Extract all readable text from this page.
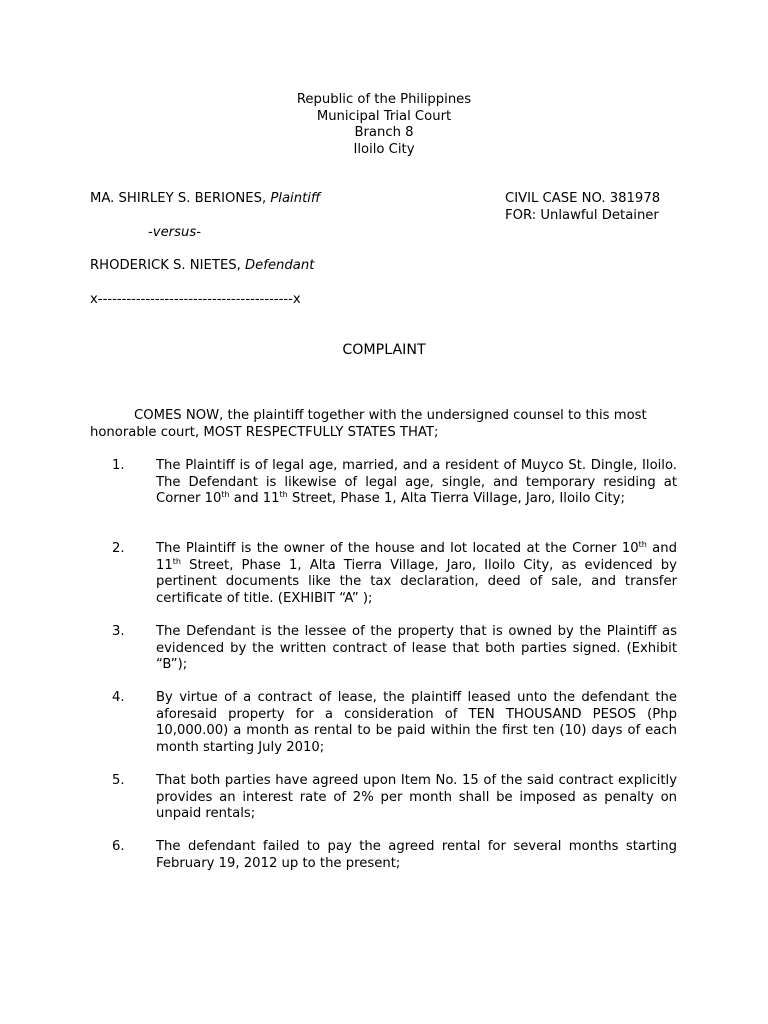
Republic of the Philippines
Municipal Trial Court
Branch 8
Iloilo City
MA. SHIRLEY S. BERIONES, Plaintiff	CIVIL CASE NO. 381978
FOR: Unlawful Detainer
-versus-
RHODERICK S. NIETES, Defendant
x-----------------------------------------x
COMPLAINT
COMES NOW, the plaintiff together with the undersigned counsel to this most honorable court, MOST RESPECTFULLY STATES THAT;
1. The Plaintiff is of legal age, married, and a resident of Muyco St. Dingle, Iloilo. The Defendant is likewise of legal age, single, and temporary residing at Corner 10th and 11th Street, Phase 1, Alta Tierra Village, Jaro, Iloilo City;
2. The Plaintiff is the owner of the house and lot located at the Corner 10th and 11th Street, Phase 1, Alta Tierra Village, Jaro, Iloilo City, as evidenced by pertinent documents like the tax declaration, deed of sale, and transfer certificate of title. (EXHIBIT “A” );
3. The Defendant is the lessee of the property that is owned by the Plaintiff as evidenced by the written contract of lease that both parties signed. (Exhibit “B”);
4. By virtue of a contract of lease, the plaintiff leased unto the defendant the aforesaid property for a consideration of TEN THOUSAND PESOS (Php 10,000.00) a month as rental to be paid within the first ten (10) days of each month starting July 2010;
5. That both parties have agreed upon Item No. 15 of the said contract explicitly provides an interest rate of 2% per month shall be imposed as penalty on unpaid rentals;
6. The defendant failed to pay the agreed rental for several months starting February 19, 2012 up to the present;
